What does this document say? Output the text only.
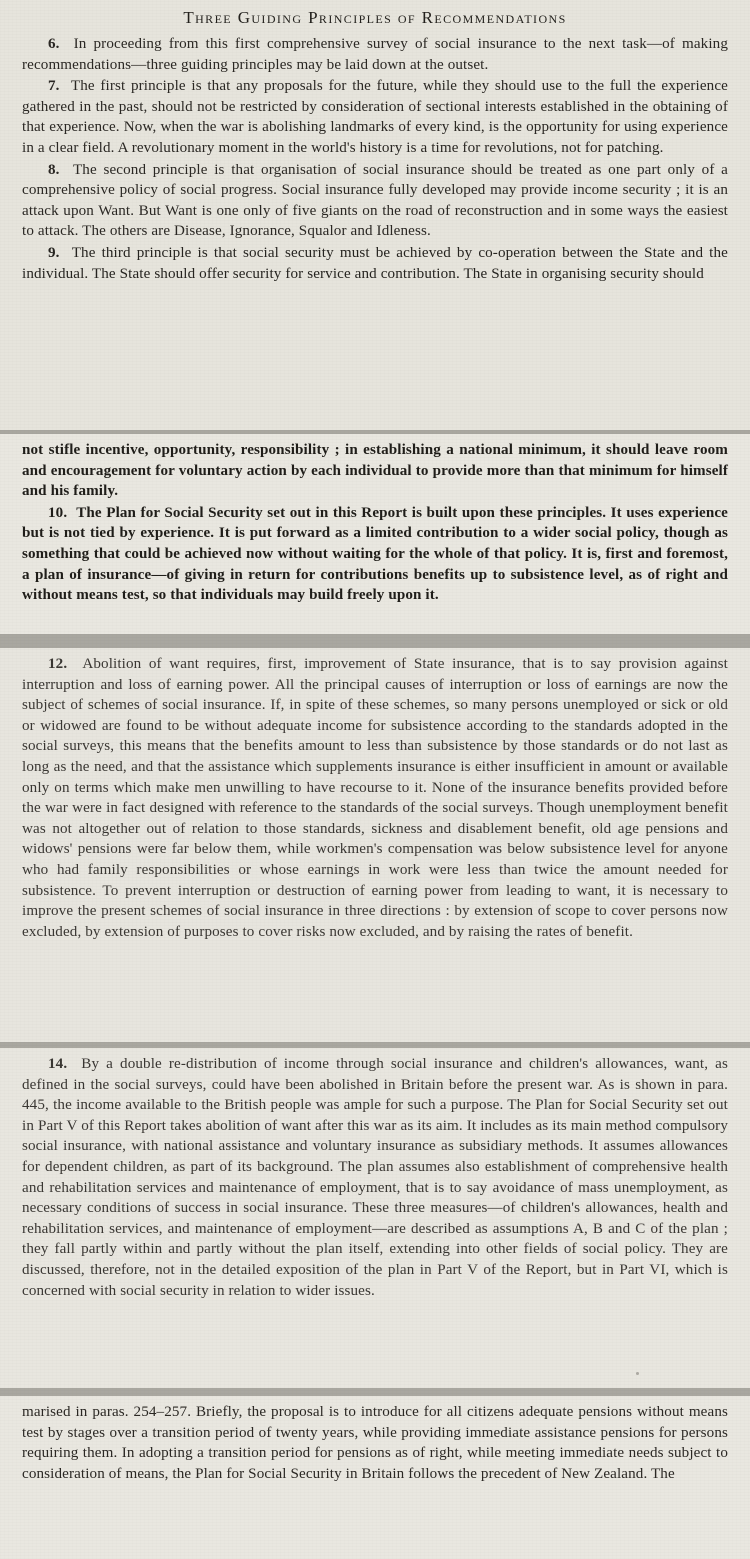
Three Guiding Principles of Recommendations

6. In proceeding from this first comprehensive survey of social insurance to the next task—of making recommendations—three guiding principles may be laid down at the outset.

7. The first principle is that any proposals for the future, while they should use to the full the experience gathered in the past, should not be restricted by consideration of sectional interests established in the obtaining of that experience. Now, when the war is abolishing landmarks of every kind, is the opportunity for using experience in a clear field. A revolutionary moment in the world's history is a time for revolutions, not for patching.

8. The second principle is that organisation of social insurance should be treated as one part only of a comprehensive policy of social progress. Social insurance fully developed may provide income security ; it is an attack upon Want. But Want is one only of five giants on the road of reconstruction and in some ways the easiest to attack. The others are Disease, Ignorance, Squalor and Idleness.

9. The third principle is that social security must be achieved by co-operation between the State and the individual. The State should offer security for service and contribution. The State in organising security should

not stifle incentive, opportunity, responsibility ; in establishing a national minimum, it should leave room and encouragement for voluntary action by each individual to provide more than that minimum for himself and his family.

10. The Plan for Social Security set out in this Report is built upon these principles. It uses experience but is not tied by experience. It is put forward as a limited contribution to a wider social policy, though as something that could be achieved now without waiting for the whole of that policy. It is, first and foremost, a plan of insurance—of giving in return for contributions benefits up to subsistence level, as of right and without means test, so that individuals may build freely upon it.

12. Abolition of want requires, first, improvement of State insurance, that is to say provision against interruption and loss of earning power. All the principal causes of interruption or loss of earnings are now the subject of schemes of social insurance. If, in spite of these schemes, so many persons unemployed or sick or old or widowed are found to be without adequate income for subsistence according to the standards adopted in the social surveys, this means that the benefits amount to less than subsistence by those standards or do not last as long as the need, and that the assistance which supplements insurance is either insufficient in amount or available only on terms which make men unwilling to have recourse to it. None of the insurance benefits provided before the war were in fact designed with reference to the standards of the social surveys. Though unemployment benefit was not altogether out of relation to those standards, sickness and disablement benefit, old age pensions and widows' pensions were far below them, while workmen's compensation was below subsistence level for anyone who had family responsibilities or whose earnings in work were less than twice the amount needed for subsistence. To prevent interruption or destruction of earning power from leading to want, it is necessary to improve the present schemes of social insurance in three directions : by extension of scope to cover persons now excluded, by extension of purposes to cover risks now excluded, and by raising the rates of benefit.

14. By a double re-distribution of income through social insurance and children's allowances, want, as defined in the social surveys, could have been abolished in Britain before the present war. As is shown in para. 445, the income available to the British people was ample for such a purpose. The Plan for Social Security set out in Part V of this Report takes abolition of want after this war as its aim. It includes as its main method compulsory social insurance, with national assistance and voluntary insurance as subsidiary methods. It assumes allowances for dependent children, as part of its background. The plan assumes also establishment of comprehensive health and rehabilitation services and maintenance of employment, that is to say avoidance of mass unemployment, as necessary conditions of success in social insurance. These three measures—of children's allowances, health and rehabilitation services, and maintenance of employment—are described as assumptions A, B and C of the plan ; they fall partly within and partly without the plan itself, extending into other fields of social policy. They are discussed, therefore, not in the detailed exposition of the plan in Part V of the Report, but in Part VI, which is concerned with social security in relation to wider issues.

marised in paras. 254–257. Briefly, the proposal is to introduce for all citizens adequate pensions without means test by stages over a transition period of twenty years, while providing immediate assistance pensions for persons requiring them. In adopting a transition period for pensions as of right, while meeting immediate needs subject to consideration of means, the Plan for Social Security in Britain follows the precedent of New Zealand. The
